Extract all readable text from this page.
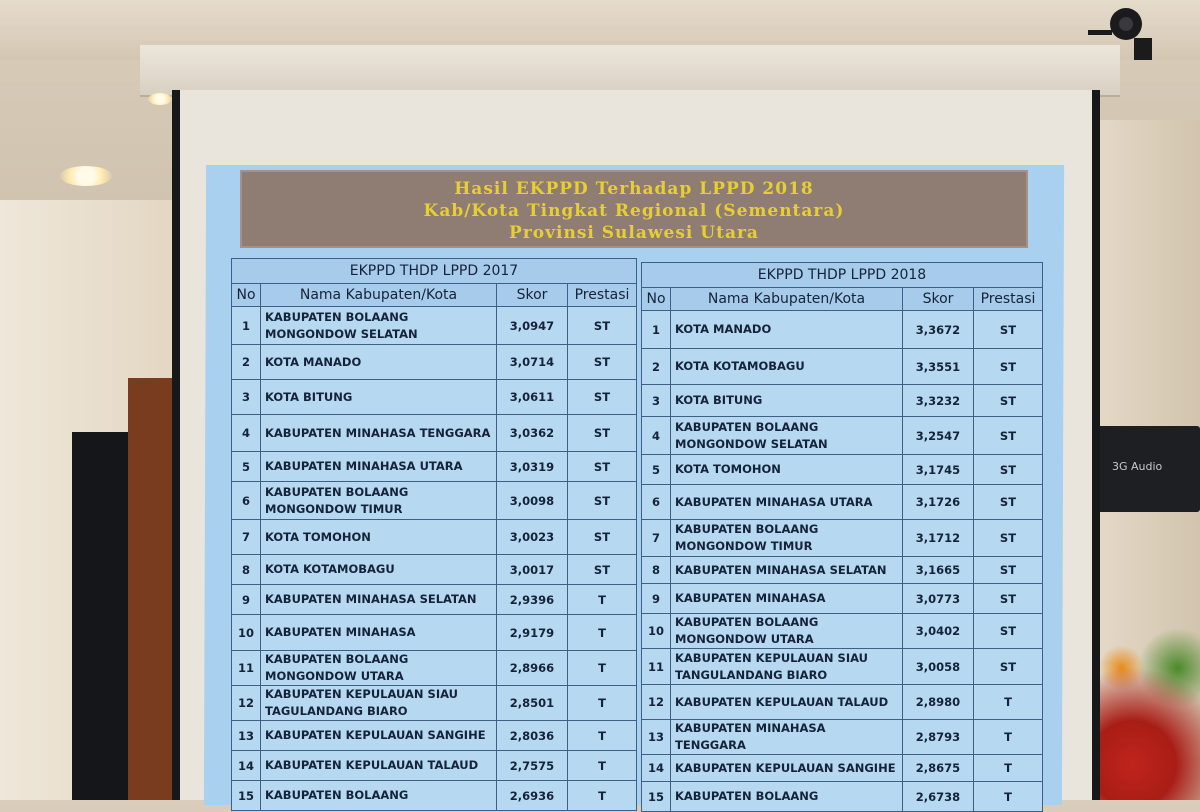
3G Audio
Hasil EKPPD Terhadap LPPD 2018
Kab/Kota Tingkat Regional (Sementara)
Provinsi Sulawesi Utara
EKPPD THDP LPPD 2017			
No	Nama Kabupaten/Kota	Skor	Prestasi
1	KABUPATEN BOLAANG MONGONDOW SELATAN	3,0947	ST
2	KOTA MANADO	3,0714	ST
3	KOTA BITUNG	3,0611	ST
4	KABUPATEN MINAHASA TENGGARA	3,0362	ST
5	KABUPATEN MINAHASA UTARA	3,0319	ST
6	KABUPATEN BOLAANG MONGONDOW TIMUR	3,0098	ST
7	KOTA TOMOHON	3,0023	ST
8	KOTA KOTAMOBAGU	3,0017	ST
9	KABUPATEN MINAHASA SELATAN	2,9396	T
10	KABUPATEN MINAHASA	2,9179	T
11	KABUPATEN BOLAANG MONGONDOW UTARA	2,8966	T
12	KABUPATEN KEPULAUAN SIAU TAGULANDANG BIARO	2,8501	T
13	KABUPATEN KEPULAUAN SANGIHE	2,8036	T
14	KABUPATEN KEPULAUAN TALAUD	2,7575	T
15	KABUPATEN BOLAANG	2,6936	T
EKPPD THDP LPPD 2018			
No	Nama Kabupaten/Kota	Skor	Prestasi
1	KOTA MANADO	3,3672	ST
2	KOTA KOTAMOBAGU	3,3551	ST
3	KOTA BITUNG	3,3232	ST
4	KABUPATEN BOLAANG MONGONDOW SELATAN	3,2547	ST
5	KOTA TOMOHON	3,1745	ST
6	KABUPATEN MINAHASA UTARA	3,1726	ST
7	KABUPATEN BOLAANG MONGONDOW TIMUR	3,1712	ST
8	KABUPATEN MINAHASA SELATAN	3,1665	ST
9	KABUPATEN MINAHASA	3,0773	ST
10	KABUPATEN BOLAANG MONGONDOW UTARA	3,0402	ST
11	KABUPATEN KEPULAUAN SIAU TANGULANDANG BIARO	3,0058	ST
12	KABUPATEN KEPULAUAN TALAUD	2,8980	T
13	KABUPATEN MINAHASA TENGGARA	2,8793	T
14	KABUPATEN KEPULAUAN SANGIHE	2,8675	T
15	KABUPATEN BOLAANG	2,6738	T
